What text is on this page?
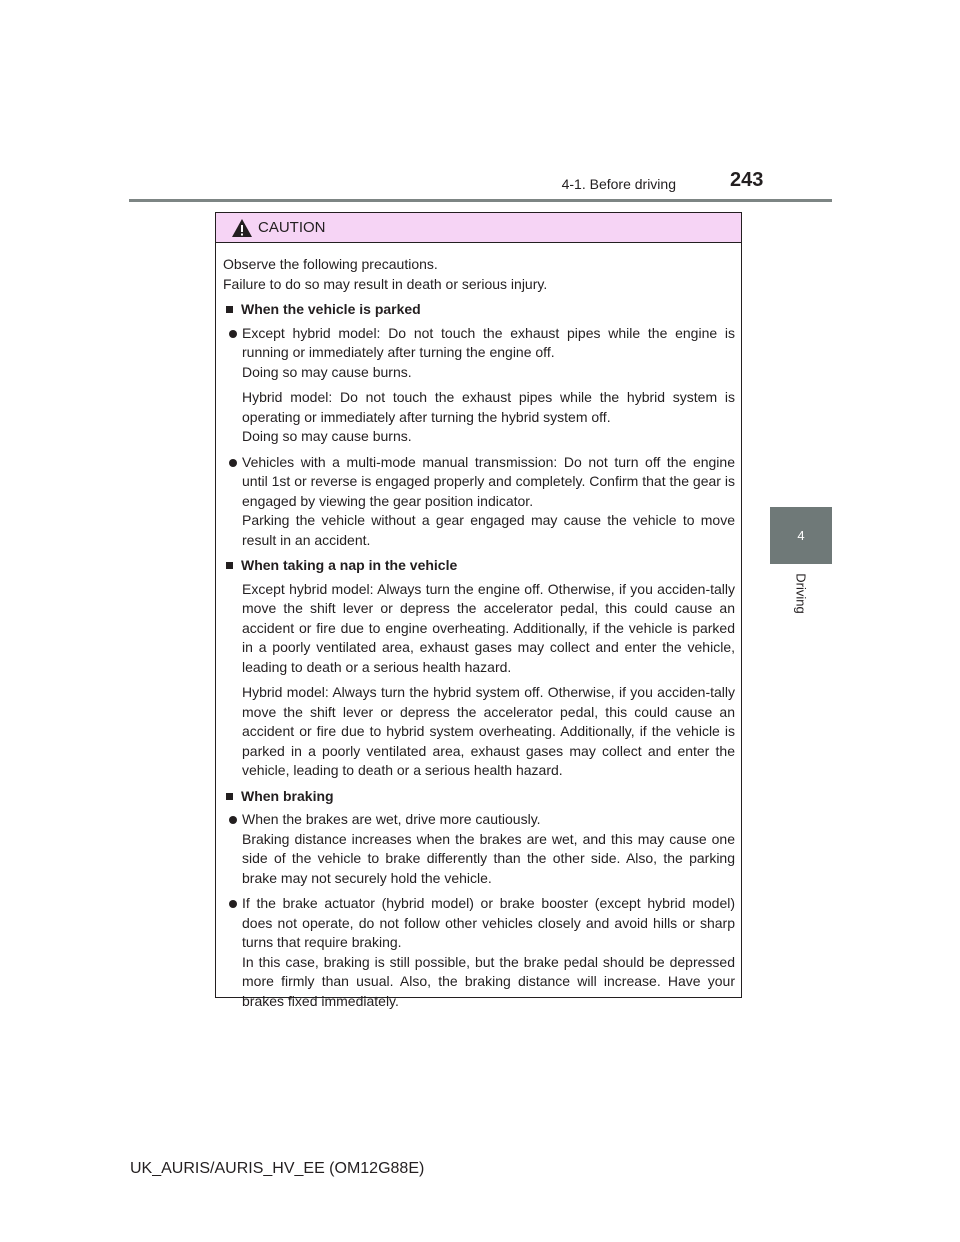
4-1. Before driving	243
4
Driving
CAUTION

Observe the following precautions.

Failure to do so may result in death or serious injury.

When the vehicle is parked

Except hybrid model: Do not touch the exhaust pipes while the engine is running or immediately after turning the engine off.

Doing so may cause burns.

Hybrid model: Do not touch the exhaust pipes while the hybrid system is operating or immediately after turning the hybrid system off.

Doing so may cause burns.

Vehicles with a multi-mode manual transmission: Do not turn off the engine until 1st or reverse is engaged properly and completely. Confirm that the gear is engaged by viewing the gear position indicator.

Parking the vehicle without a gear engaged may cause the vehicle to move result in an accident.

When taking a nap in the vehicle

Except hybrid model: Always turn the engine off. Otherwise, if you acciden-tally move the shift lever or depress the accelerator pedal, this could cause an accident or fire due to engine overheating. Additionally, if the vehicle is parked in a poorly ventilated area, exhaust gases may collect and enter the vehicle, leading to death or a serious health hazard.

Hybrid model: Always turn the hybrid system off. Otherwise, if you acciden-tally move the shift lever or depress the accelerator pedal, this could cause an accident or fire due to hybrid system overheating. Additionally, if the vehicle is parked in a poorly ventilated area, exhaust gases may collect and enter the vehicle, leading to death or a serious health hazard.

When braking

When the brakes are wet, drive more cautiously.

Braking distance increases when the brakes are wet, and this may cause one side of the vehicle to brake differently than the other side. Also, the parking brake may not securely hold the vehicle.

If the brake actuator (hybrid model) or brake booster (except hybrid model) does not operate, do not follow other vehicles closely and avoid hills or sharp turns that require braking.

In this case, braking is still possible, but the brake pedal should be depressed more firmly than usual. Also, the braking distance will increase. Have your brakes fixed immediately.

UK_AURIS/AURIS_HV_EE (OM12G88E)
